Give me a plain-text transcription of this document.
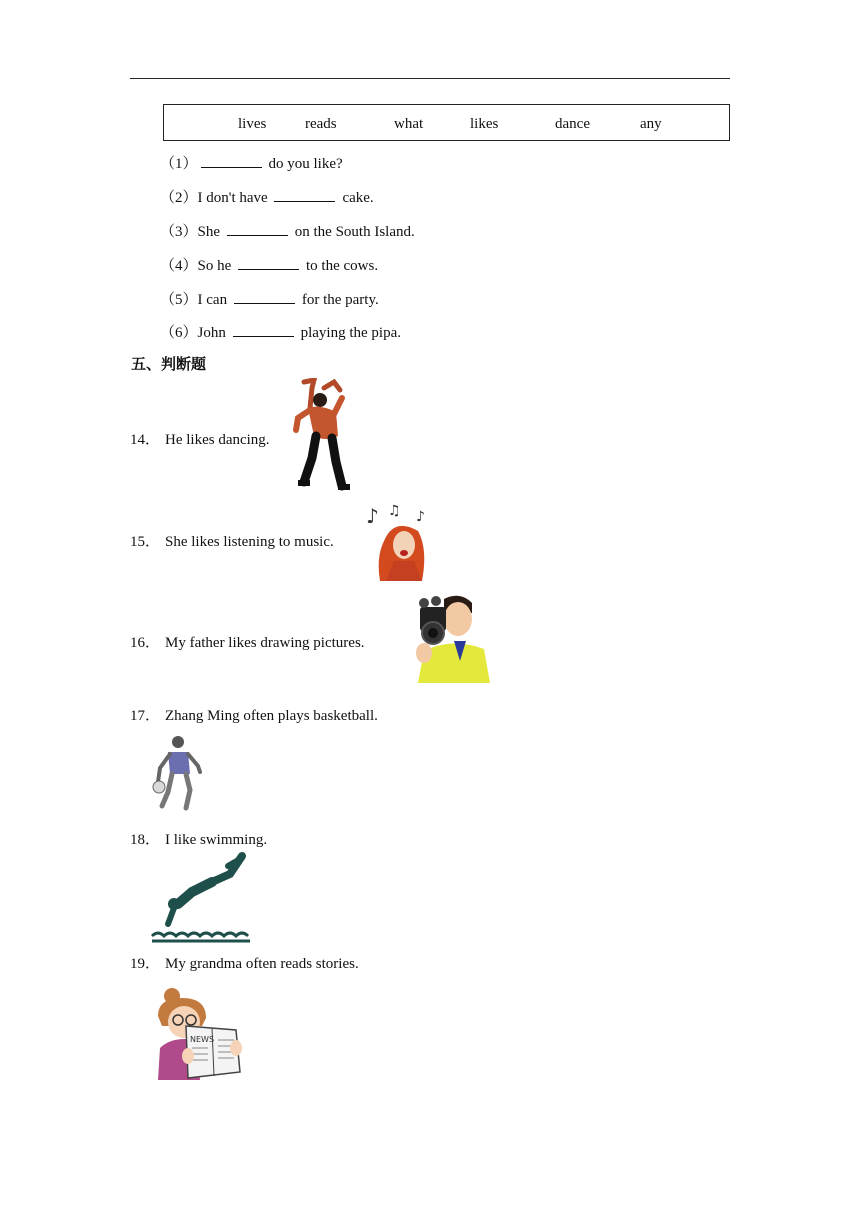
lives	reads	what	likes	dance	any
（1）	do you like?
（2）I don't have	cake.
（3）She	on the South Island.
（4）So he	to the cows.
（5）I can	for the party.
（6）John	playing the pipa.
五、判断题
14． He likes dancing.
15． She likes listening to music.
♪ ♫ ♪
16． My father likes drawing pictures.
17． Zhang Ming often plays basketball.
18． I like swimming.
19． My grandma often reads stories.
NEWS
